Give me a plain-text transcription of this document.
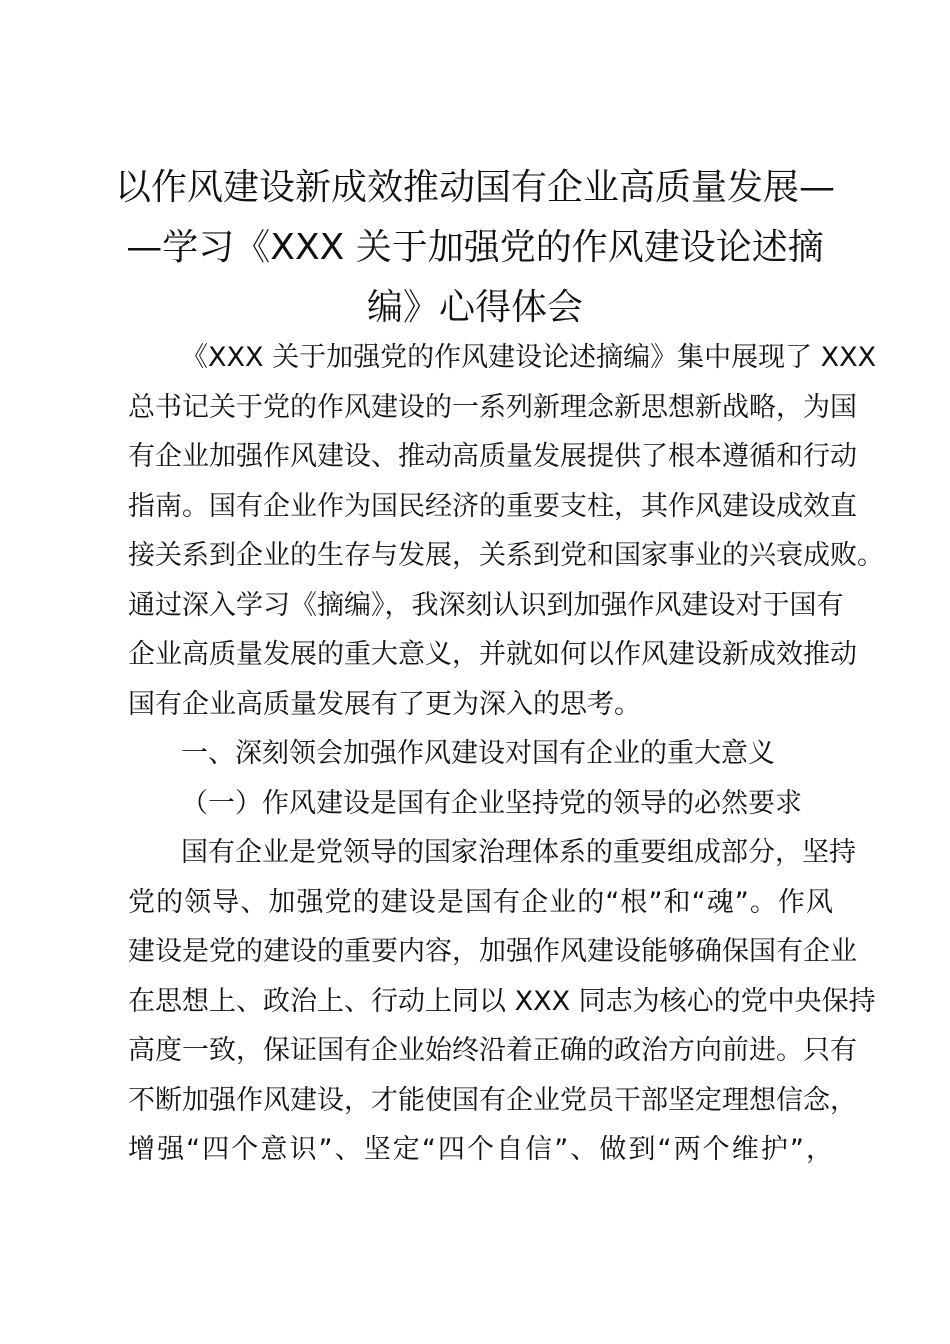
以作风建设新成效推动国有企业高质量发展—
—学习《XXX 关于加强党的作风建设论述摘
编》心得体会
《XXX 关于加强党的作风建设论述摘编》集中展现了 XXX
总书记关于党的作风建设的一系列新理念新思想新战略，为国
有企业加强作风建设、推动高质量发展提供了根本遵循和行动
指南。国有企业作为国民经济的重要支柱，其作风建设成效直
接关系到企业的生存与发展，关系到党和国家事业的兴衰成败。
通过深入学习《摘编》，我深刻认识到加强作风建设对于国有
企业高质量发展的重大意义，并就如何以作风建设新成效推动
国有企业高质量发展有了更为深入的思考。
一、深刻领会加强作风建设对国有企业的重大意义
（一）作风建设是国有企业坚持党的领导的必然要求
国有企业是党领导的国家治理体系的重要组成部分，坚持
党的领导、加强党的建设是国有企业的“根”和“魂”。作风
建设是党的建设的重要内容，加强作风建设能够确保国有企业
在思想上、政治上、行动上同以 XXX 同志为核心的党中央保持
高度一致，保证国有企业始终沿着正确的政治方向前进。只有
不断加强作风建设，才能使国有企业党员干部坚定理想信念，
增强“四个意识”、坚定“四个自信”、做到“两个维护”，
